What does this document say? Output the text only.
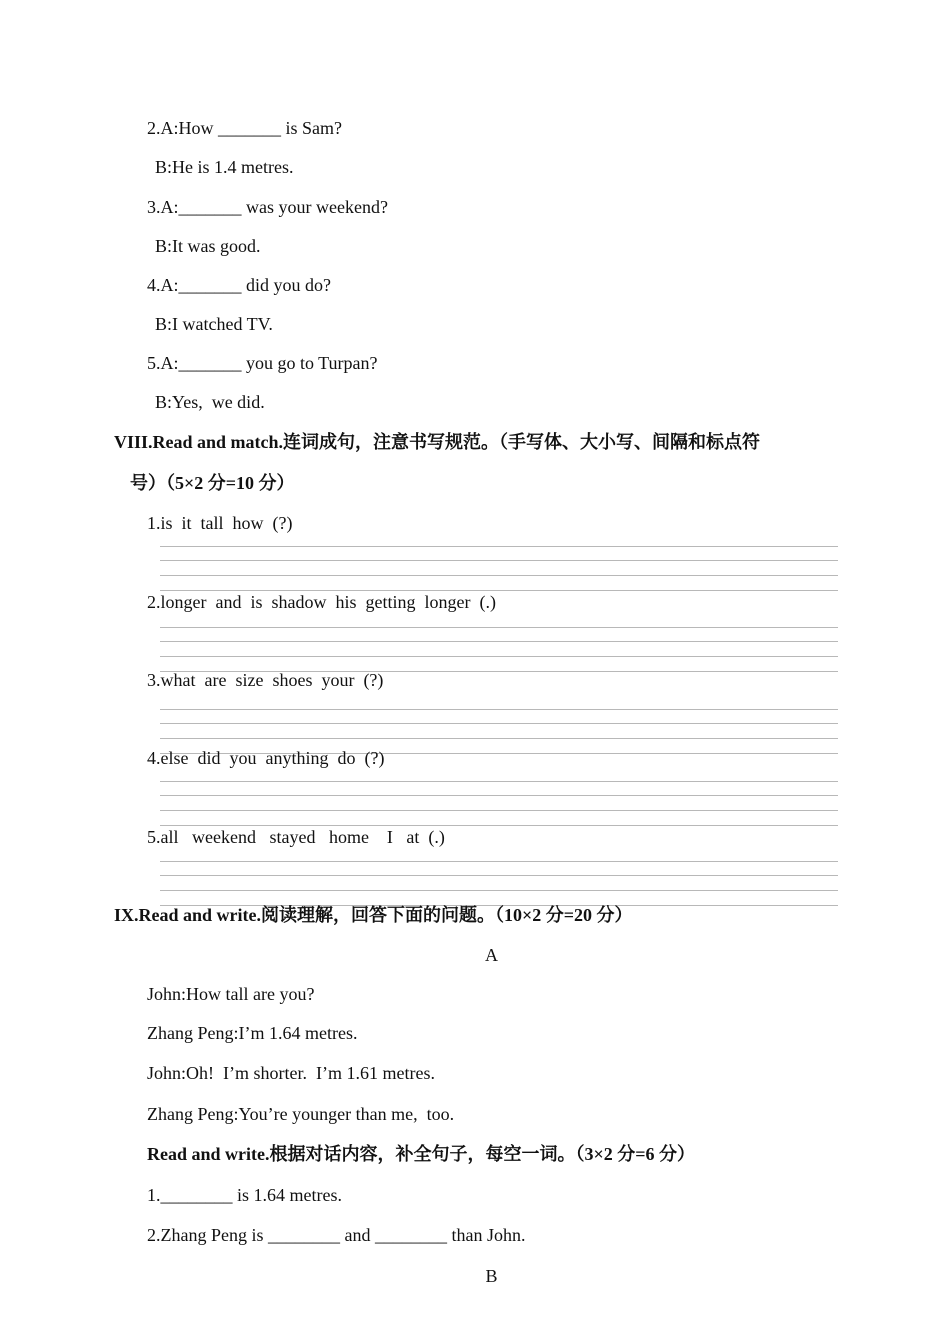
2.A:How _______ is Sam?
B:He is 1.4 metres.
3.A:_______ was your weekend?
B:It was good.
4.A:_______ did you do?
B:I watched TV.
5.A:_______ you go to Turpan?
B:Yes,  we did.
VIII.Read and match.连词成句，注意书写规范。（手写体、大小写、间隔和标点符
号）（5×2 分=10 分）
1.is  it  tall  how  (?)
2.longer  and  is  shadow  his  getting  longer  (.)
3.what  are  size  shoes  your  (?)
4.else  did  you  anything  do  (?)
5.all   weekend   stayed   home    I   at  (.)
IX.Read and write.阅读理解，回答下面的问题。（10×2 分=20 分）
A
John:How tall are you?
Zhang Peng:I’m 1.64 metres.
John:Oh!  I’m shorter.  I’m 1.61 metres.
Zhang Peng:You’re younger than me,  too.
Read and write.根据对话内容，补全句子，每空一词。（3×2 分=6 分）
1.________ is 1.64 metres.
2.Zhang Peng is ________ and ________ than John.
B
